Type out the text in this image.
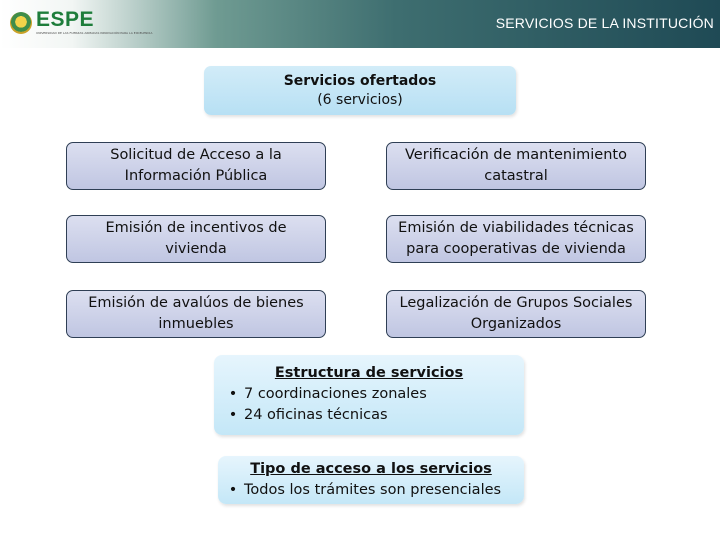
ESPE
UNIVERSIDAD DE LAS FUERZAS ARMADAS INNOVACIÓN PARA LA EXCELENCIA
SERVICIOS DE LA INSTITUCIÓN
Servicios ofertados
(6 servicios)
Solicitud de Acceso a la Información Pública
Verificación de mantenimiento catastral
Emisión de incentivos de vivienda
Emisión de viabilidades técnicas para cooperativas de vivienda
Emisión de avalúos de bienes inmuebles
Legalización de Grupos Sociales Organizados
Estructura de servicios
• 7 coordinaciones zonales
• 24 oficinas técnicas
Tipo de acceso a los servicios
• Todos los trámites son presenciales
